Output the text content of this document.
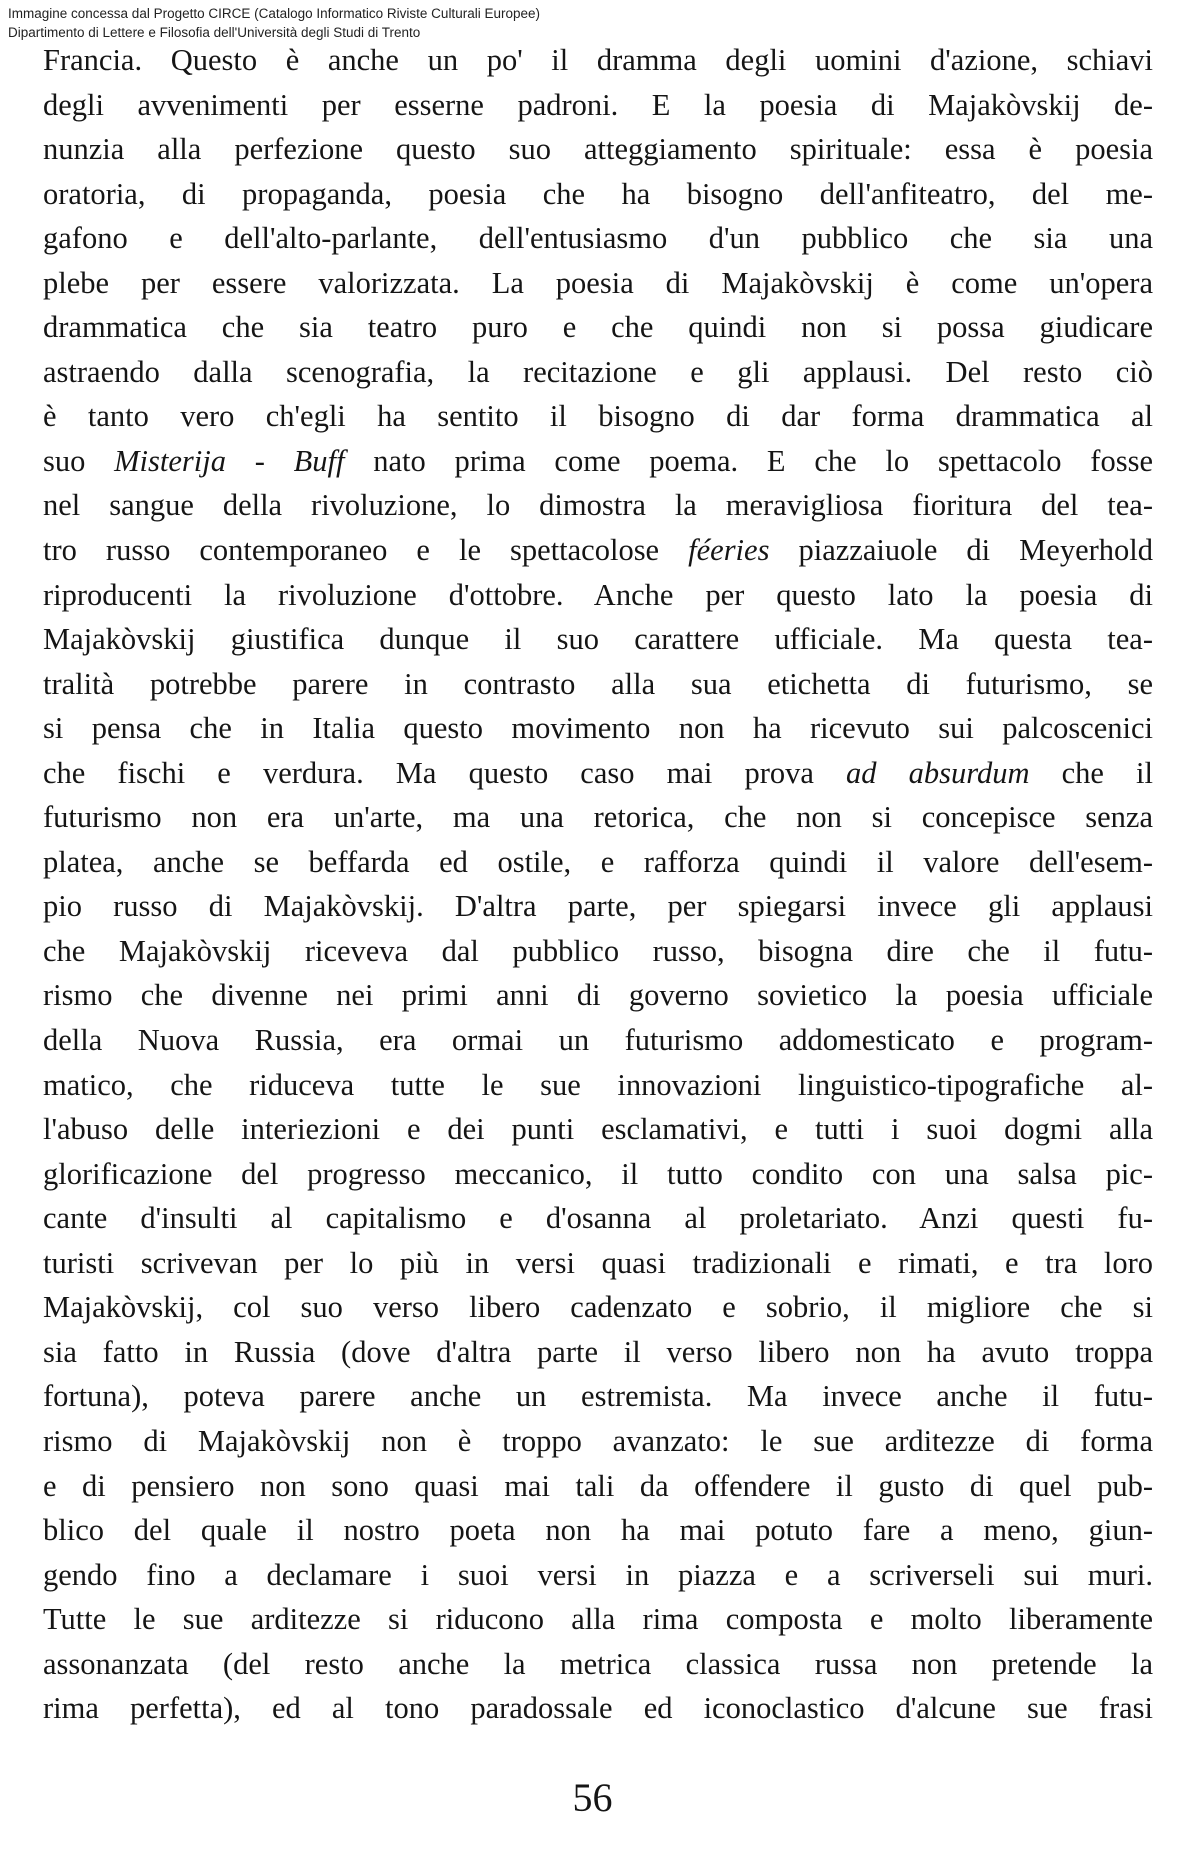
Immagine concessa dal Progetto CIRCE (Catalogo Informatico Riviste Culturali Europee)
Dipartimento di Lettere e Filosofia dell'Università degli Studi di Trento
Francia. Questo è anche un po' il dramma degli uomini d'azione, schiavi
degli avvenimenti per esserne padroni. E la poesia di Majakòvskij de-
nunzia alla perfezione questo suo atteggiamento spirituale: essa è poesia
oratoria, di propaganda, poesia che ha bisogno dell'anfiteatro, del me-
gafono e dell'alto-parlante, dell'entusiasmo d'un pubblico che sia una
plebe per essere valorizzata. La poesia di Majakòvskij è come un'opera
drammatica che sia teatro puro e che quindi non si possa giudicare
astraendo dalla scenografia, la recitazione e gli applausi. Del resto ciò
è tanto vero ch'egli ha sentito il bisogno di dar forma drammatica al
suo Misterija - Buff nato prima come poema. E che lo spettacolo fosse
nel sangue della rivoluzione, lo dimostra la meravigliosa fioritura del tea-
tro russo contemporaneo e le spettacolose féeries piazzaiuole di Meyerhold
riproducenti la rivoluzione d'ottobre. Anche per questo lato la poesia di
Majakòvskij giustifica dunque il suo carattere ufficiale. Ma questa tea-
tralità potrebbe parere in contrasto alla sua etichetta di futurismo, se
si pensa che in Italia questo movimento non ha ricevuto sui palcoscenici
che fischi e verdura. Ma questo caso mai prova ad absurdum che il
futurismo non era un'arte, ma una retorica, che non si concepisce senza
platea, anche se beffarda ed ostile, e rafforza quindi il valore dell'esem-
pio russo di Majakòvskij. D'altra parte, per spiegarsi invece gli applausi
che Majakòvskij riceveva dal pubblico russo, bisogna dire che il futu-
rismo che divenne nei primi anni di governo sovietico la poesia ufficiale
della Nuova Russia, era ormai un futurismo addomesticato e program-
matico, che riduceva tutte le sue innovazioni linguistico-tipografiche al-
l'abuso delle interiezioni e dei punti esclamativi, e tutti i suoi dogmi alla
glorificazione del progresso meccanico, il tutto condito con una salsa pic-
cante d'insulti al capitalismo e d'osanna al proletariato. Anzi questi fu-
turisti scrivevan per lo più in versi quasi tradizionali e rimati, e tra loro
Majakòvskij, col suo verso libero cadenzato e sobrio, il migliore che si
sia fatto in Russia (dove d'altra parte il verso libero non ha avuto troppa
fortuna), poteva parere anche un estremista. Ma invece anche il futu-
rismo di Majakòvskij non è troppo avanzato: le sue arditezze di forma
e di pensiero non sono quasi mai tali da offendere il gusto di quel pub-
blico del quale il nostro poeta non ha mai potuto fare a meno, giun-
gendo fino a declamare i suoi versi in piazza e a scriverseli sui muri.
Tutte le sue arditezze si riducono alla rima composta e molto liberamente
assonanzata (del resto anche la metrica classica russa non pretende la
rima perfetta), ed al tono paradossale ed iconoclastico d'alcune sue frasi
56
